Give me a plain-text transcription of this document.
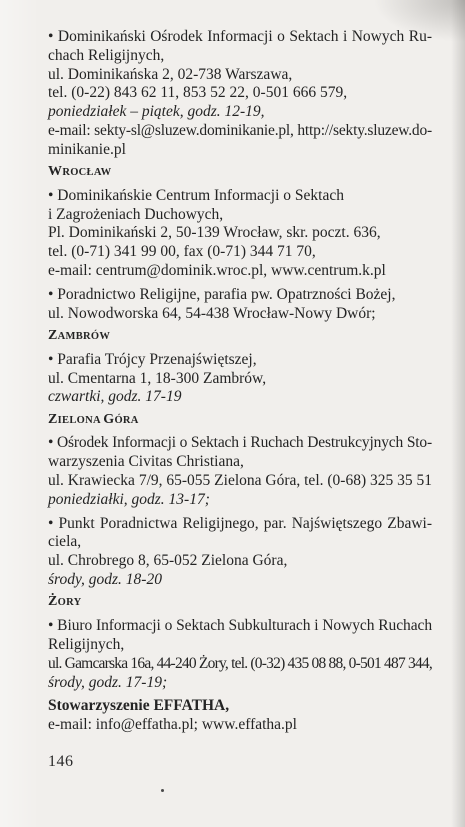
• Dominikański Ośrodek Informacji o Sektach i Nowych Ru-
chach Religijnych,
ul. Dominikańska 2, 02-738 Warszawa,
tel. (0-22) 843 62 11, 853 52 22, 0-501 666 579,
poniedziałek – piątek, godz. 12-19,
e-mail: sekty-sl@sluzew.dominikanie.pl, http://sekty.sluzew.do-
minikanie.pl
WROCŁAW
• Dominikańskie Centrum Informacji o Sektach
i Zagrożeniach Duchowych,
Pl. Dominikański 2, 50-139 Wrocław, skr. poczt. 636,
tel. (0-71) 341 99 00, fax (0-71) 344 71 70,
e-mail: centrum@dominik.wroc.pl, www.centrum.k.pl
• Poradnictwo Religijne, parafia pw. Opatrzności Bożej,
ul. Nowodworska 64, 54-438 Wrocław-Nowy Dwór;
ZAMBRÓW
• Parafia Trójcy Przenajświętszej,
ul. Cmentarna 1, 18-300 Zambrów,
czwartki, godz. 17-19
ZIELONA GÓRA
• Ośrodek Informacji o Sektach i Ruchach Destrukcyjnych Sto-
warzyszenia Civitas Christiana,
ul. Krawiecka 7/9, 65-055 Zielona Góra, tel. (0-68) 325 35 51
poniedziałki, godz. 13-17;
• Punkt Poradnictwa Religijnego, par. Najświętszego Zbawi-
ciela,
ul. Chrobrego 8, 65-052 Zielona Góra,
środy, godz. 18-20
ŻORY
• Biuro Informacji o Sektach Subkulturach i Nowych Ruchach
Religijnych,
ul. Gamcarska 16a, 44-240 Żory, tel. (0-32) 435 08 88, 0-501 487 344,
środy, godz. 17-19;
Stowarzyszenie EFFATHA,
e-mail: info@effatha.pl; www.effatha.pl
146
